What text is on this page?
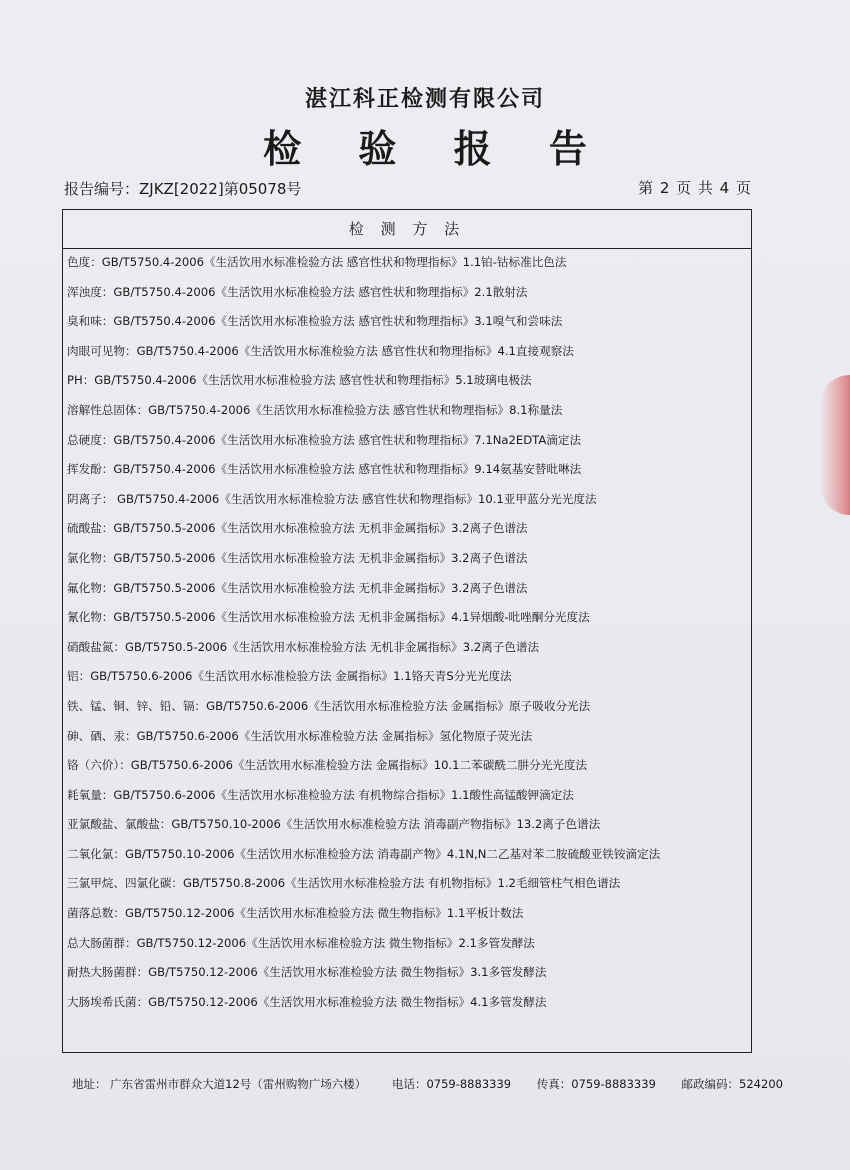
湛江科正检测有限公司
检 验 报 告
报告编号：ZJKZ[2022]第05078号	第 2 页 共 4 页
检 测 方 法
色度：GB/T5750.4-2006《生活饮用水标准检验方法 感官性状和物理指标》1.1铂-钴标准比色法
浑浊度：GB/T5750.4-2006《生活饮用水标准检验方法 感官性状和物理指标》2.1散射法
臭和味：GB/T5750.4-2006《生活饮用水标准检验方法 感官性状和物理指标》3.1嗅气和尝味法
肉眼可见物：GB/T5750.4-2006《生活饮用水标准检验方法 感官性状和物理指标》4.1直接观察法
PH：GB/T5750.4-2006《生活饮用水标准检验方法 感官性状和物理指标》5.1玻璃电极法
溶解性总固体：GB/T5750.4-2006《生活饮用水标准检验方法 感官性状和物理指标》8.1称量法
总硬度：GB/T5750.4-2006《生活饮用水标准检验方法 感官性状和物理指标》7.1Na2EDTA滴定法
挥发酚：GB/T5750.4-2006《生活饮用水标准检验方法 感官性状和物理指标》9.14氨基安替吡啉法
阴离子： GB/T5750.4-2006《生活饮用水标准检验方法 感官性状和物理指标》10.1亚甲蓝分光光度法
硫酸盐：GB/T5750.5-2006《生活饮用水标准检验方法 无机非金属指标》3.2离子色谱法
氯化物：GB/T5750.5-2006《生活饮用水标准检验方法 无机非金属指标》3.2离子色谱法
氟化物：GB/T5750.5-2006《生活饮用水标准检验方法 无机非金属指标》3.2离子色谱法
氰化物：GB/T5750.5-2006《生活饮用水标准检验方法 无机非金属指标》4.1异烟酸-吡唑酮分光度法
硝酸盐氮：GB/T5750.5-2006《生活饮用水标准检验方法 无机非金属指标》3.2离子色谱法
铝：GB/T5750.6-2006《生活饮用水标准检验方法 金属指标》1.1铬天青S分光光度法
铁、锰、铜、锌、铅、镉：GB/T5750.6-2006《生活饮用水标准检验方法 金属指标》原子吸收分光法
砷、硒、汞：GB/T5750.6-2006《生活饮用水标准检验方法 金属指标》氢化物原子荧光法
铬（六价）：GB/T5750.6-2006《生活饮用水标准检验方法 金属指标》10.1二苯碳酰二肼分光光度法
耗氧量：GB/T5750.6-2006《生活饮用水标准检验方法 有机物综合指标》1.1酸性高锰酸钾滴定法
亚氯酸盐、氯酸盐：GB/T5750.10-2006《生活饮用水标准检验方法 消毒副产物指标》13.2离子色谱法
二氧化氯：GB/T5750.10-2006《生活饮用水标准检验方法 消毒副产物》4.1N,N二乙基对苯二胺硫酸亚铁铵滴定法
三氯甲烷、四氯化碳：GB/T5750.8-2006《生活饮用水标准检验方法 有机物指标》1.2毛细管柱气相色谱法
菌落总数：GB/T5750.12-2006《生活饮用水标准检验方法 微生物指标》1.1平板计数法
总大肠菌群：GB/T5750.12-2006《生活饮用水标准检验方法 微生物指标》2.1多管发酵法
耐热大肠菌群：GB/T5750.12-2006《生活饮用水标准检验方法 微生物指标》3.1多管发酵法
大肠埃希氏菌：GB/T5750.12-2006《生活饮用水标准检验方法 微生物指标》4.1多管发酵法
地址： 广东省雷州市群众大道12号（雷州购物广场六楼） 电话：0759-8883339 传真：0759-8883339 邮政编码：524200
